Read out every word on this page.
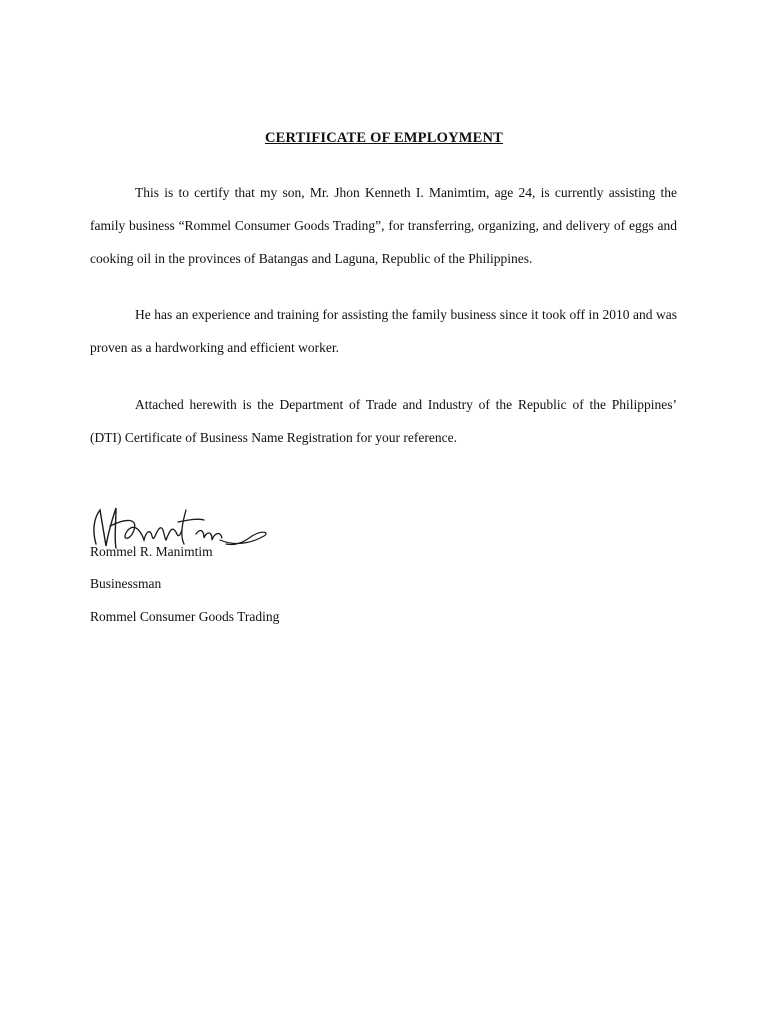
CERTIFICATE OF EMPLOYMENT

This is to certify that my son, Mr. Jhon Kenneth I. Manimtim, age 24, is currently assisting the family business “Rommel Consumer Goods Trading”, for transferring, organizing, and delivery of eggs and cooking oil in the provinces of Batangas and Laguna, Republic of the Philippines.

He has an experience and training for assisting the family business since it took off in 2010 and was proven as a hardworking and efficient worker.

Attached herewith is the Department of Trade and Industry of the Republic of the Philippines’ (DTI) Certificate of Business Name Registration for your reference.

Rommel R. Manimtim

Businessman

Rommel Consumer Goods Trading
